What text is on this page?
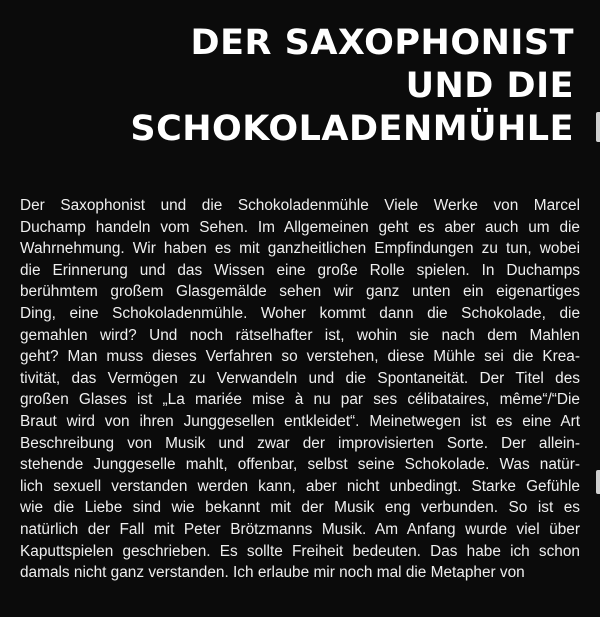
DER SAXOPHONIST
UND DIE
SCHOKOLADENMÜHLE
Der Saxophonist und die Schokoladenmühle Viele Werke von Marcel
Duchamp handeln vom Sehen. Im Allgemeinen geht es aber auch um die
Wahrnehmung. Wir haben es mit ganzheitlichen Empfindungen zu tun, wobei
die Erinnerung und das Wissen eine große Rolle spielen. In Duchamps
berühmtem großem Glasgemälde sehen wir ganz unten ein eigenartiges
Ding, eine Schokoladenmühle. Woher kommt dann die Schokolade, die
gemahlen wird? Und noch rätselhafter ist, wohin sie nach dem Mahlen
geht? Man muss dieses Verfahren so verstehen, diese Mühle sei die Krea-
tivität, das Vermögen zu Verwandeln und die Spontaneität. Der Titel des
großen Glases ist „La mariée mise à nu par ses célibataires, même“/“Die
Braut wird von ihren Junggesellen entkleidet“. Meinetwegen ist es eine Art
Beschreibung von Musik und zwar der improvisierten Sorte. Der allein-
stehende Junggeselle mahlt, offenbar, selbst seine Schokolade. Was natür-
lich sexuell verstanden werden kann, aber nicht unbedingt. Starke Gefühle
wie die Liebe sind wie bekannt mit der Musik eng verbunden. So ist es
natürlich der Fall mit Peter Brötzmanns Musik. Am Anfang wurde viel über
Kaputtspielen geschrieben. Es sollte Freiheit bedeuten. Das habe ich schon
damals nicht ganz verstanden. Ich erlaube mir noch mal die Metapher von
